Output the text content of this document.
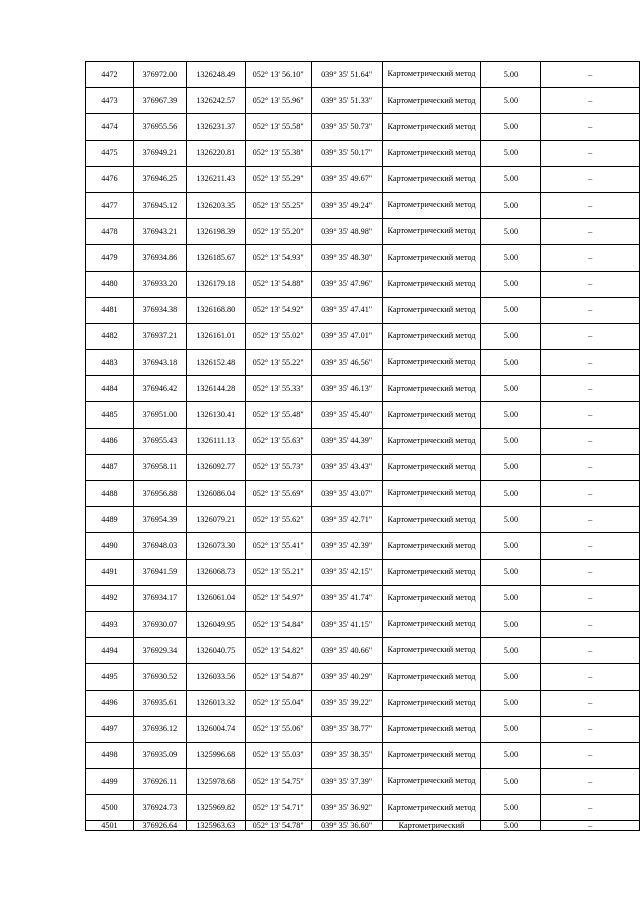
4472	376972.00	1326248.49	052° 13' 56.10"	039° 35' 51.64"	Картометрический метод	5.00	–
4473	376967.39	1326242.57	052° 13' 55.96"	039° 35' 51.33"	Картометрический метод	5.00	–
4474	376955.56	1326231.37	052° 13' 55.58"	039° 35' 50.73"	Картометрический метод	5.00	–
4475	376949.21	1326220.81	052° 13' 55.38"	039° 35' 50.17"	Картометрический метод	5.00	–
4476	376946.25	1326211.43	052° 13' 55.29"	039° 35' 49.67"	Картометрический метод	5.00	–
4477	376945.12	1326203.35	052° 13' 55.25"	039° 35' 49.24"	Картометрический метод	5.00	–
4478	376943.21	1326198.39	052° 13' 55.20"	039° 35' 48.98"	Картометрический метод	5.00	–
4479	376934.86	1326185.67	052° 13' 54.93"	039° 35' 48.30"	Картометрический метод	5.00	–
4480	376933.20	1326179.18	052° 13' 54.88"	039° 35' 47.96"	Картометрический метод	5.00	–
4481	376934.38	1326168.80	052° 13' 54.92"	039° 35' 47.41"	Картометрический метод	5.00	–
4482	376937.21	1326161.01	052° 13' 55.02"	039° 35' 47.01"	Картометрический метод	5.00	–
4483	376943.18	1326152.48	052° 13' 55.22"	039° 35' 46.56"	Картометрический метод	5.00	–
4484	376946.42	1326144.28	052° 13' 55.33"	039° 35' 46.13"	Картометрический метод	5.00	–
4485	376951.00	1326130.41	052° 13' 55.48"	039° 35' 45.40"	Картометрический метод	5.00	–
4486	376955.43	1326111.13	052° 13' 55.63"	039° 35' 44.39"	Картометрический метод	5.00	–
4487	376958.11	1326092.77	052° 13' 55.73"	039° 35' 43.43"	Картометрический метод	5.00	–
4488	376956.88	1326086.04	052° 13' 55.69"	039° 35' 43.07"	Картометрический метод	5.00	–
4489	376954.39	1326079.21	052° 13' 55.62"	039° 35' 42.71"	Картометрический метод	5.00	–
4490	376948.03	1326073.30	052° 13' 55.41"	039° 35' 42.39"	Картометрический метод	5.00	–
4491	376941.59	1326068.73	052° 13' 55.21"	039° 35' 42.15"	Картометрический метод	5.00	–
4492	376934.17	1326061.04	052° 13' 54.97"	039° 35' 41.74"	Картометрический метод	5.00	–
4493	376930.07	1326049.95	052° 13' 54.84"	039° 35' 41.15"	Картометрический метод	5.00	–
4494	376929.34	1326040.75	052° 13' 54.82"	039° 35' 40.66"	Картометрический метод	5.00	–
4495	376930.52	1326033.56	052° 13' 54.87"	039° 35' 40.29"	Картометрический метод	5.00	–
4496	376935.61	1326013.32	052° 13' 55.04"	039° 35' 39.22"	Картометрический метод	5.00	–
4497	376936.12	1326004.74	052° 13' 55.06"	039° 35' 38.77"	Картометрический метод	5.00	–
4498	376935.09	1325996.68	052° 13' 55.03"	039° 35' 38.35"	Картометрический метод	5.00	–
4499	376926.11	1325978.68	052° 13' 54.75"	039° 35' 37.39"	Картометрический метод	5.00	–
4500	376924.73	1325969.82	052° 13' 54.71"	039° 35' 36.92"	Картометрический метод	5.00	–
4501	376926.64	1325963.63	052° 13' 54.78"	039° 35' 36.60"	Картометрический	5.00	–
